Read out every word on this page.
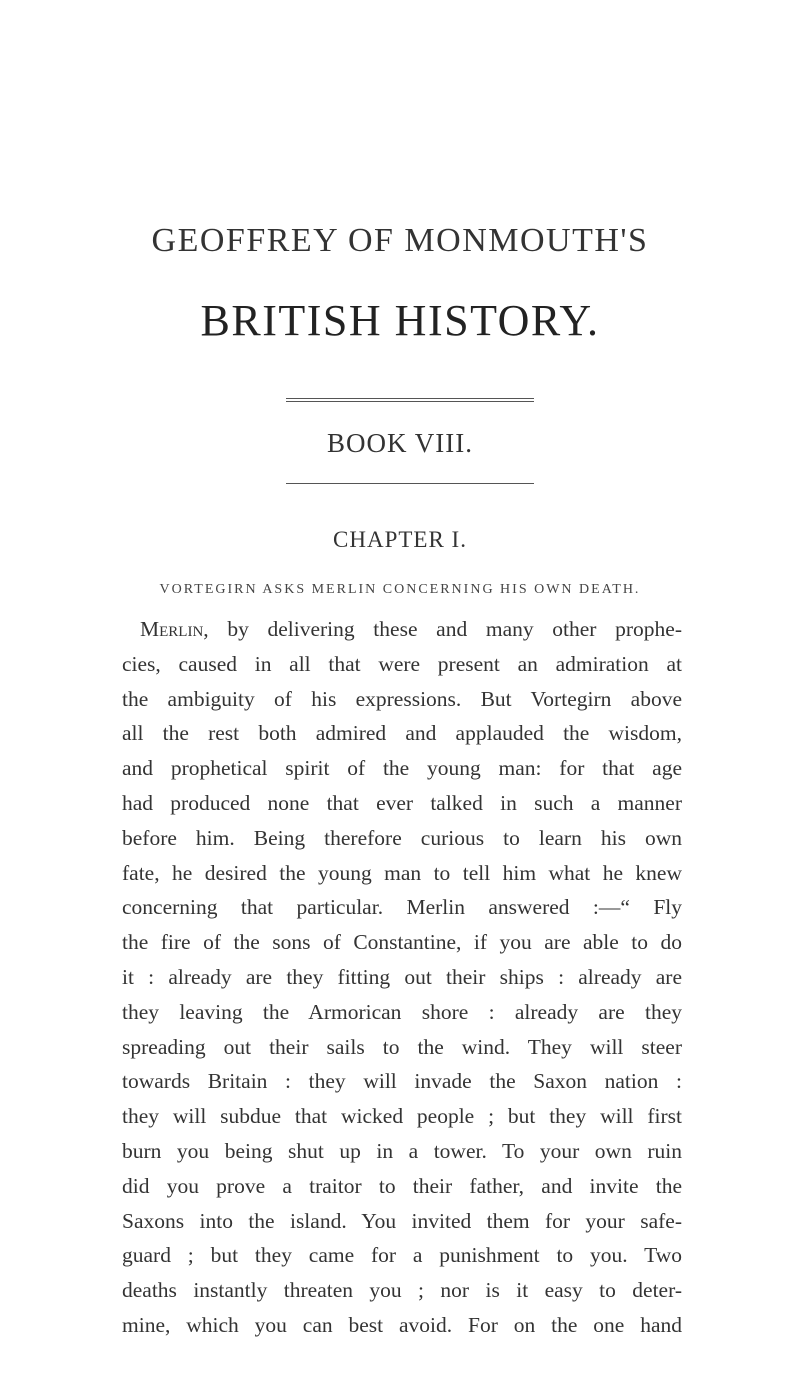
GEOFFREY OF MONMOUTH'S
BRITISH HISTORY.
BOOK VIII.
CHAPTER I.
VORTEGIRN ASKS MERLIN CONCERNING HIS OWN DEATH.
Merlin, by delivering these and many other prophe-
cies, caused in all that were present an admiration at
the ambiguity of his expressions. But Vortegirn above
all the rest both admired and applauded the wisdom,
and prophetical spirit of the young man: for that age
had produced none that ever talked in such a manner
before him. Being therefore curious to learn his own
fate, he desired the young man to tell him what he knew
concerning that particular. Merlin answered :—“ Fly
the fire of the sons of Constantine, if you are able to do
it : already are they fitting out their ships : already are
they leaving the Armorican shore : already are they
spreading out their sails to the wind. They will steer
towards Britain : they will invade the Saxon nation :
they will subdue that wicked people ; but they will first
burn you being shut up in a tower. To your own ruin
did you prove a traitor to their father, and invite the
Saxons into the island. You invited them for your safe-
guard ; but they came for a punishment to you. Two
deaths instantly threaten you ; nor is it easy to deter-
mine, which you can best avoid. For on the one hand
